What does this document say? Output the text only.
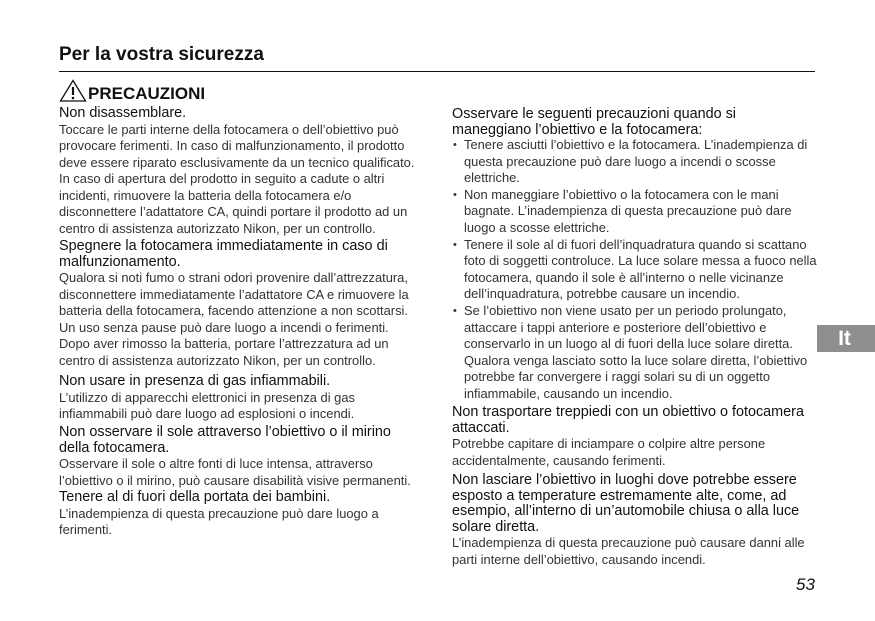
Per la vostra sicurezza
PRECAUZIONI
Non disassemblare.
Toccare le parti interne della fotocamera o dell’obiettivo può
provocare ferimenti. In caso di malfunzionamento, il prodotto
deve essere riparato esclusivamente da un tecnico qualificato.
In caso di apertura del prodotto in seguito a cadute o altri
incidenti, rimuovere la batteria della fotocamera e/o
disconnettere l’adattatore CA, quindi portare il prodotto ad un
centro di assistenza autorizzato Nikon, per un controllo.
Spegnere la fotocamera immediatamente in caso di
malfunzionamento.
Qualora si noti fumo o strani odori provenire dall’attrezzatura,
disconnettere immediatamente l’adattatore CA e rimuovere la
batteria della fotocamera, facendo attenzione a non scottarsi.
Un uso senza pause può dare luogo a incendi o ferimenti.
Dopo aver rimosso la batteria, portare l’attrezzatura ad un
centro di assistenza autorizzato Nikon, per un controllo.
Non usare in presenza di gas infiammabili.
L’utilizzo di apparecchi elettronici in presenza di gas
infiammabili può dare luogo ad esplosioni o incendi.
Non osservare il sole attraverso l’obiettivo o il mirino
della fotocamera.
Osservare il sole o altre fonti di luce intensa, attraverso
l’obiettivo o il mirino, può causare disabilità visive permanenti.
Tenere al di fuori della portata dei bambini.
L’inadempienza di questa precauzione può dare luogo a
ferimenti.
Osservare le seguenti precauzioni quando si
maneggiano l’obiettivo e la fotocamera:
• Tenere asciutti l’obiettivo e la fotocamera. L’inadempienza di
questa precauzione può dare luogo a incendi o scosse
elettriche.
• Non maneggiare l’obiettivo o la fotocamera con le mani
bagnate. L’inadempienza di questa precauzione può dare
luogo a scosse elettriche.
• Tenere il sole al di fuori dell’inquadratura quando si scattano
foto di soggetti controluce. La luce solare messa a fuoco nella
fotocamera, quando il sole è all’interno o nelle vicinanze
dell’inquadratura, potrebbe causare un incendio.
• Se l’obiettivo non viene usato per un periodo prolungato,
attaccare i tappi anteriore e posteriore dell’obiettivo e
conservarlo in un luogo al di fuori della luce solare diretta.
Qualora venga lasciato sotto la luce solare diretta, l’obiettivo
potrebbe far convergere i raggi solari su di un oggetto
infiammabile, causando un incendio.
Non trasportare treppiedi con un obiettivo o fotocamera
attaccati.
Potrebbe capitare di inciampare o colpire altre persone
accidentalmente, causando ferimenti.
Non lasciare l’obiettivo in luoghi dove potrebbe essere
esposto a temperature estremamente alte, come, ad
esempio, all’interno di un’automobile chiusa o alla luce
solare diretta.
L’inadempienza di questa precauzione può causare danni alle
parti interne dell’obiettivo, causando incendi.
It
53
